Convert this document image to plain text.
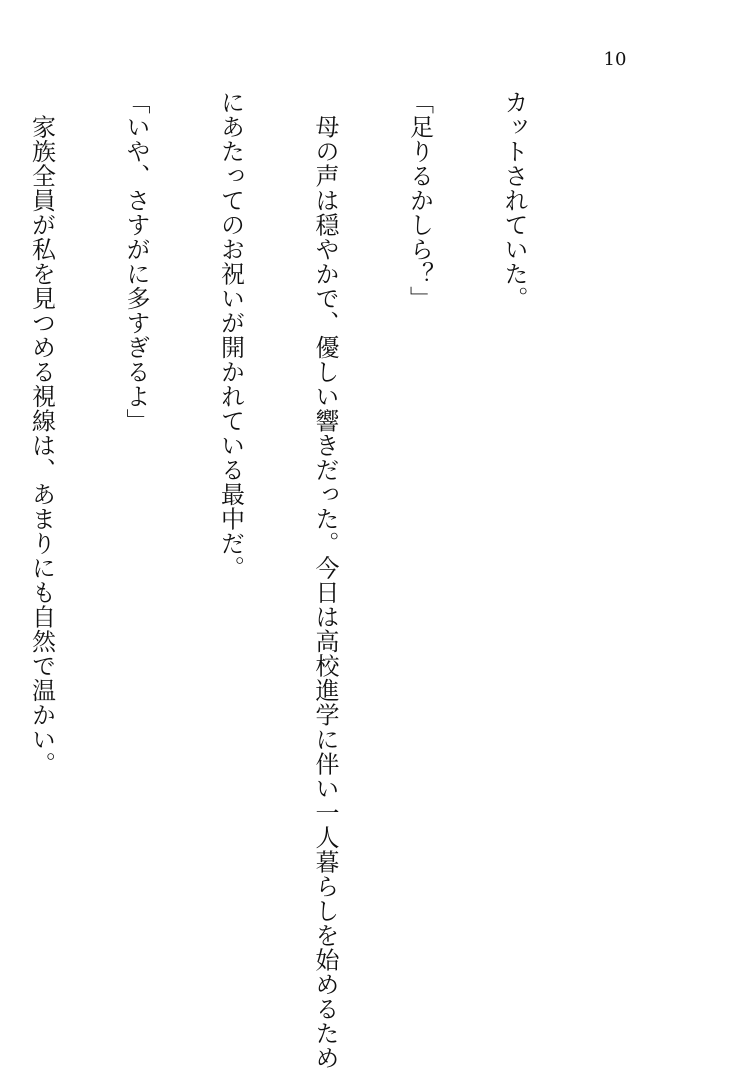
10

カットされていた。

「足りるかしら？」

　母の声は穏やかで、優しい響きだった。今日は高校進学に伴い一人暮らしを始めるため

にあたってのお祝いが開かれている最中だ。

「いや、さすがに多すぎるよ」

　家族全員が私を見つめる視線は、あまりにも自然で温かい。
